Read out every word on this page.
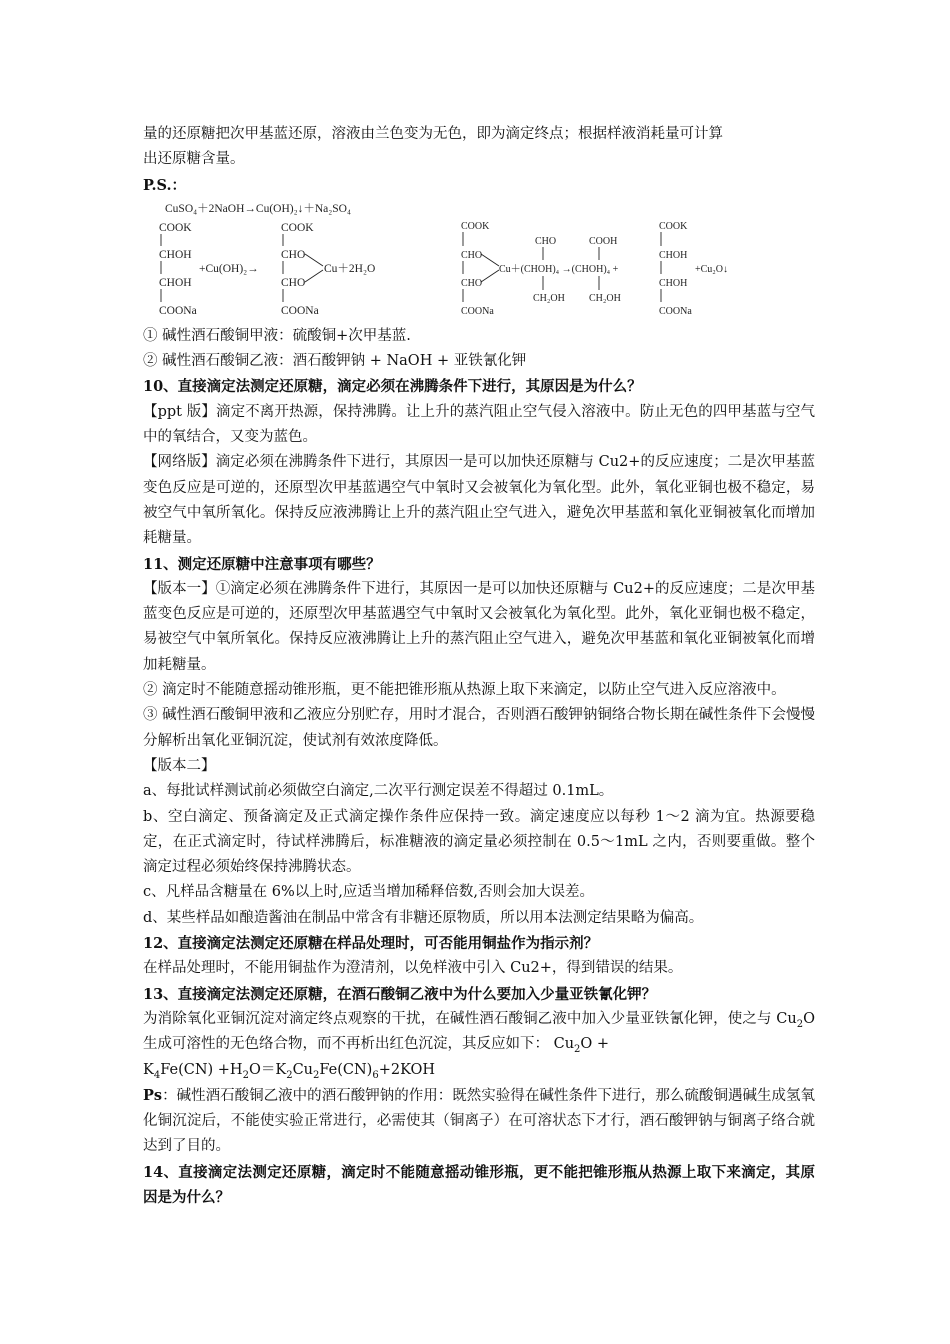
量的还原糖把次甲基蓝还原，溶液由兰色变为无色，即为滴定终点；根据样液消耗量可计算

出还原糖含量。

P.S.：

CuSO₄＋2NaOH→Cu(OH)₂↓＋Na₂SO₄
COOK
CHOH
CHOH
COONa
+Cu(OH)₂→
COOK
CHO
CHO
COONa
Cu＋2H₂O
COOK
CHO
CHO
COONa
CHO
Cu＋(CHOH)₄ →(CHOH)₄ +
CH₂OH
COOH
CH₂OH
COOK
CHOH
CHOH
COONa
+Cu₂O↓

① 碱性酒石酸铜甲液：硫酸铜+次甲基蓝.

② 碱性酒石酸铜乙液：酒石酸钾钠 + NaOH + 亚铁氰化钾

10、直接滴定法测定还原糖，滴定必须在沸腾条件下进行，其原因是为什么？

【ppt 版】滴定不离开热源，保持沸腾。让上升的蒸汽阻止空气侵入溶液中。防止无色的四甲基蓝与空气中的氧结合，又变为蓝色。

【网络版】滴定必须在沸腾条件下进行，其原因一是可以加快还原糖与 Cu2+的反应速度；二是次甲基蓝变色反应是可逆的，还原型次甲基蓝遇空气中氧时又会被氧化为氧化型。此外，氧化亚铜也极不稳定，易被空气中氧所氧化。保持反应液沸腾让上升的蒸汽阻止空气进入，避免次甲基蓝和氧化亚铜被氧化而增加耗糖量。

11、测定还原糖中注意事项有哪些？

【版本一】①滴定必须在沸腾条件下进行，其原因一是可以加快还原糖与 Cu2+的反应速度；二是次甲基蓝变色反应是可逆的，还原型次甲基蓝遇空气中氧时又会被氧化为氧化型。此外，氧化亚铜也极不稳定，易被空气中氧所氧化。保持反应液沸腾让上升的蒸汽阻止空气进入，避免次甲基蓝和氧化亚铜被氧化而增加耗糖量。

② 滴定时不能随意摇动锥形瓶，更不能把锥形瓶从热源上取下来滴定，以防止空气进入反应溶液中。

③ 碱性酒石酸铜甲液和乙液应分别贮存，用时才混合，否则酒石酸钾钠铜络合物长期在碱性条件下会慢慢分解析出氧化亚铜沉淀，使试剂有效浓度降低。

【版本二】

a、每批试样测试前必须做空白滴定,二次平行测定误差不得超过 0.1mL。

b、空白滴定、预备滴定及正式滴定操作条件应保持一致。滴定速度应以每秒 1～2 滴为宜。热源要稳定，在正式滴定时，待试样沸腾后，标准糖液的滴定量必须控制在 0.5～1mL 之内，否则要重做。整个滴定过程必须始终保持沸腾状态。

c、凡样品含糖量在 6%以上时,应适当增加稀释倍数,否则会加大误差。

d、某些样品如酿造酱油在制品中常含有非糖还原物质，所以用本法测定结果略为偏高。

12、直接滴定法测定还原糖在样品处理时，可否能用铜盐作为指示剂？

在样品处理时，不能用铜盐作为澄清剂，以免样液中引入 Cu2+，得到错误的结果。

13、直接滴定法测定还原糖，在酒石酸铜乙液中为什么要加入少量亚铁氰化钾？

为消除氧化亚铜沉淀对滴定终点观察的干扰，在碱性酒石酸铜乙液中加入少量亚铁氰化钾，使之与 $Cu_2O$ 生成可溶性的无色络合物，而不再析出红色沉淀，其反应如下： $Cu_2O$ +
$K_4Fe(CN) +H_2O=K_2Cu_2Fe(CN)_6+2KOH$

Ps：碱性酒石酸铜乙液中的酒石酸钾钠的作用：既然实验得在碱性条件下进行，那么硫酸铜遇碱生成氢氧化铜沉淀后，不能使实验正常进行，必需使其（铜离子）在可溶状态下才行，酒石酸钾钠与铜离子络合就达到了目的。

14、直接滴定法测定还原糖，滴定时不能随意摇动锥形瓶，更不能把锥形瓶从热源上取下来滴定，其原因是为什么？
